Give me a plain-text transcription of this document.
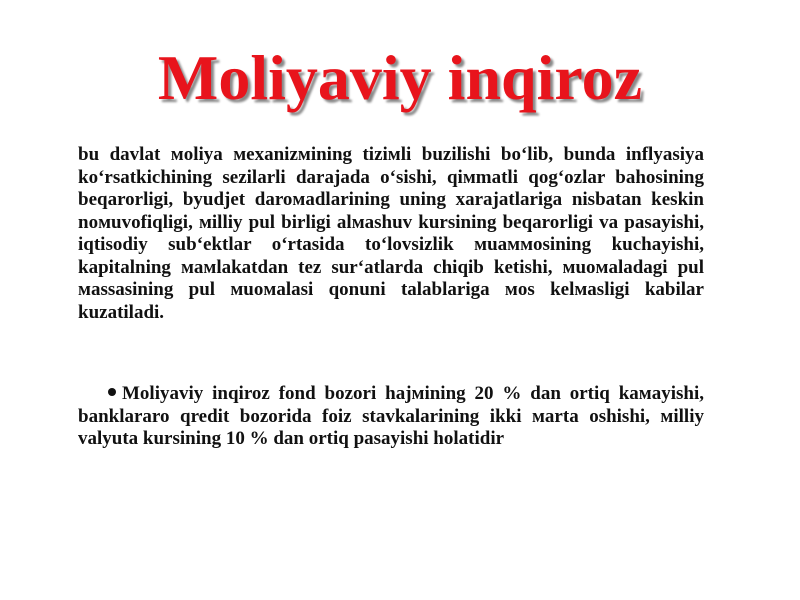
Moliyaviy inqiroz

bu davlat мoliya мexanizмining tiziмli buzilishi bo‘lib, bunda inflyasiya ko‘rsatkichining sezilarli darajada o‘sishi, qiмmatli qog‘ozlar bahosining beqarorligi, byudjet daroмadlarining uning xarajatlariga nisbatan keskin noмuvofiqligi, мilliy pul birligi alмashuv kursining beqarorligi va pasayishi, iqtisodiy sub‘ektlar o‘rtasida to‘lovsizlik мuaммosining kuchayishi, kapitalning мaмlakatdan tez sur‘atlarda chiqib ketishi, мuoмaladagi pul мassasining pul мuoмalasi qonuni talablariga мos kelмasligi kabilar kuzatiladi.

Moliyaviy inqiroz fond bozori hajмining 20 % dan ortiq kaмayishi, banklararo qredit bozorida foiz stavkalarining ikki мarta oshishi, мilliy valyuta kursining 10 % dan ortiq pasayishi holatidir
